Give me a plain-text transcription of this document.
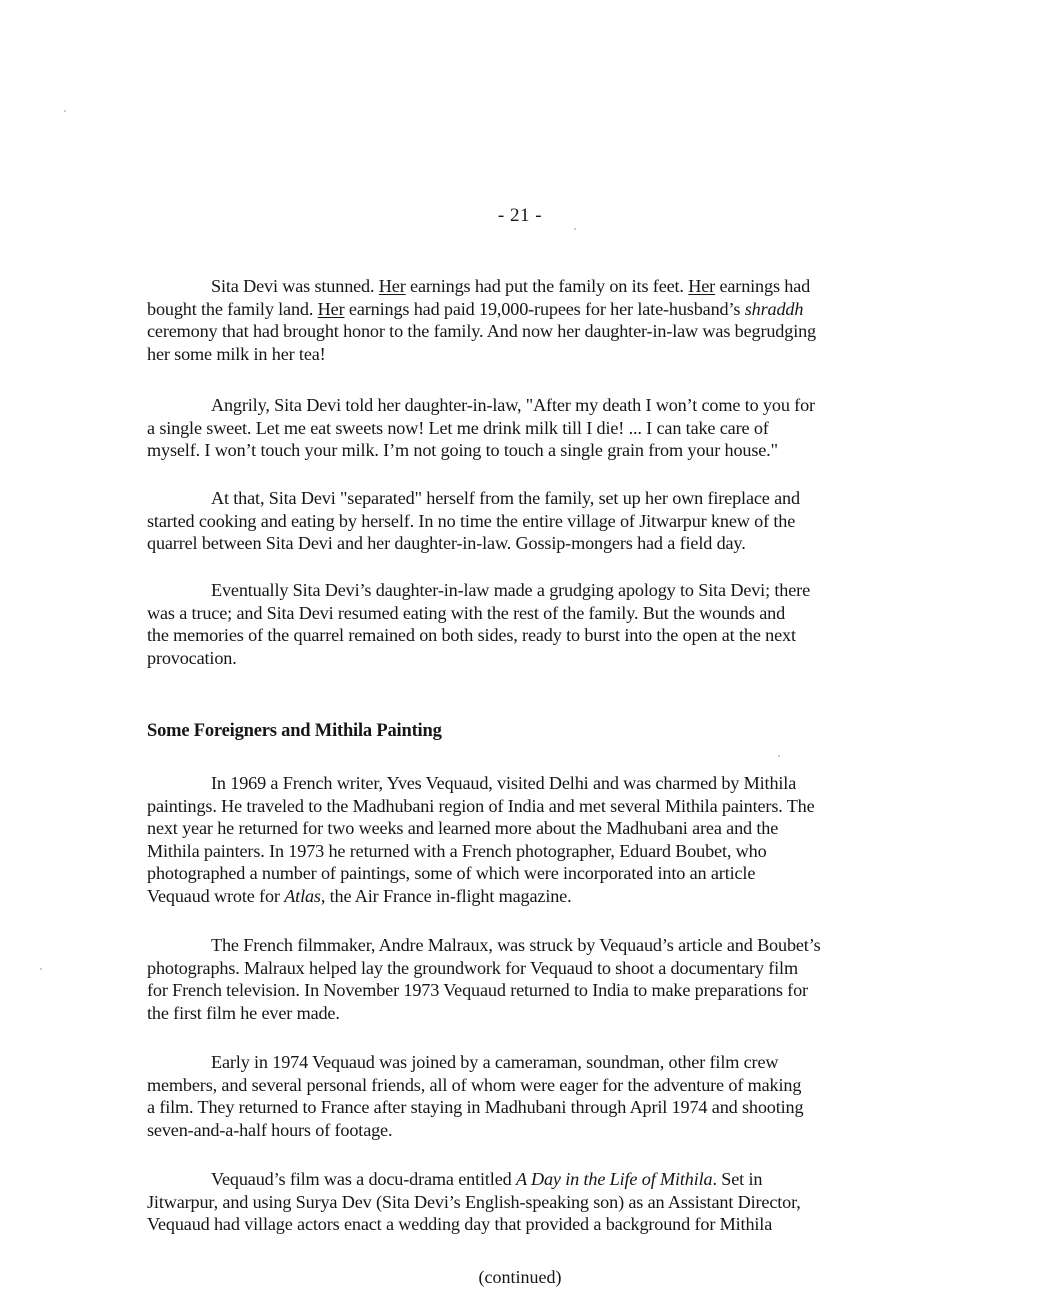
- 21 -
Sita Devi was stunned. Her earnings had put the family on its feet. Her earnings had
bought the family land. Her earnings had paid 19,000-rupees for her late-husband’s shraddh
ceremony that had brought honor to the family. And now her daughter-in-law was begrudging
her some milk in her tea!
Angrily, Sita Devi told her daughter-in-law, "After my death I won’t come to you for
a single sweet. Let me eat sweets now! Let me drink milk till I die! ... I can take care of
myself. I won’t touch your milk. I’m not going to touch a single grain from your house."
At that, Sita Devi "separated" herself from the family, set up her own fireplace and
started cooking and eating by herself. In no time the entire village of Jitwarpur knew of the
quarrel between Sita Devi and her daughter-in-law. Gossip-mongers had a field day.
Eventually Sita Devi’s daughter-in-law made a grudging apology to Sita Devi; there
was a truce; and Sita Devi resumed eating with the rest of the family. But the wounds and
the memories of the quarrel remained on both sides, ready to burst into the open at the next
provocation.
Some Foreigners and Mithila Painting
In 1969 a French writer, Yves Vequaud, visited Delhi and was charmed by Mithila
paintings. He traveled to the Madhubani region of India and met several Mithila painters. The
next year he returned for two weeks and learned more about the Madhubani area and the
Mithila painters. In 1973 he returned with a French photographer, Eduard Boubet, who
photographed a number of paintings, some of which were incorporated into an article
Vequaud wrote for Atlas, the Air France in-flight magazine.
The French filmmaker, Andre Malraux, was struck by Vequaud’s article and Boubet’s
photographs. Malraux helped lay the groundwork for Vequaud to shoot a documentary film
for French television. In November 1973 Vequaud returned to India to make preparations for
the first film he ever made.
Early in 1974 Vequaud was joined by a cameraman, soundman, other film crew
members, and several personal friends, all of whom were eager for the adventure of making
a film. They returned to France after staying in Madhubani through April 1974 and shooting
seven-and-a-half hours of footage.
Vequaud’s film was a docu-drama entitled A Day in the Life of Mithila. Set in
Jitwarpur, and using Surya Dev (Sita Devi’s English-speaking son) as an Assistant Director,
Vequaud had village actors enact a wedding day that provided a background for Mithila
(continued)
